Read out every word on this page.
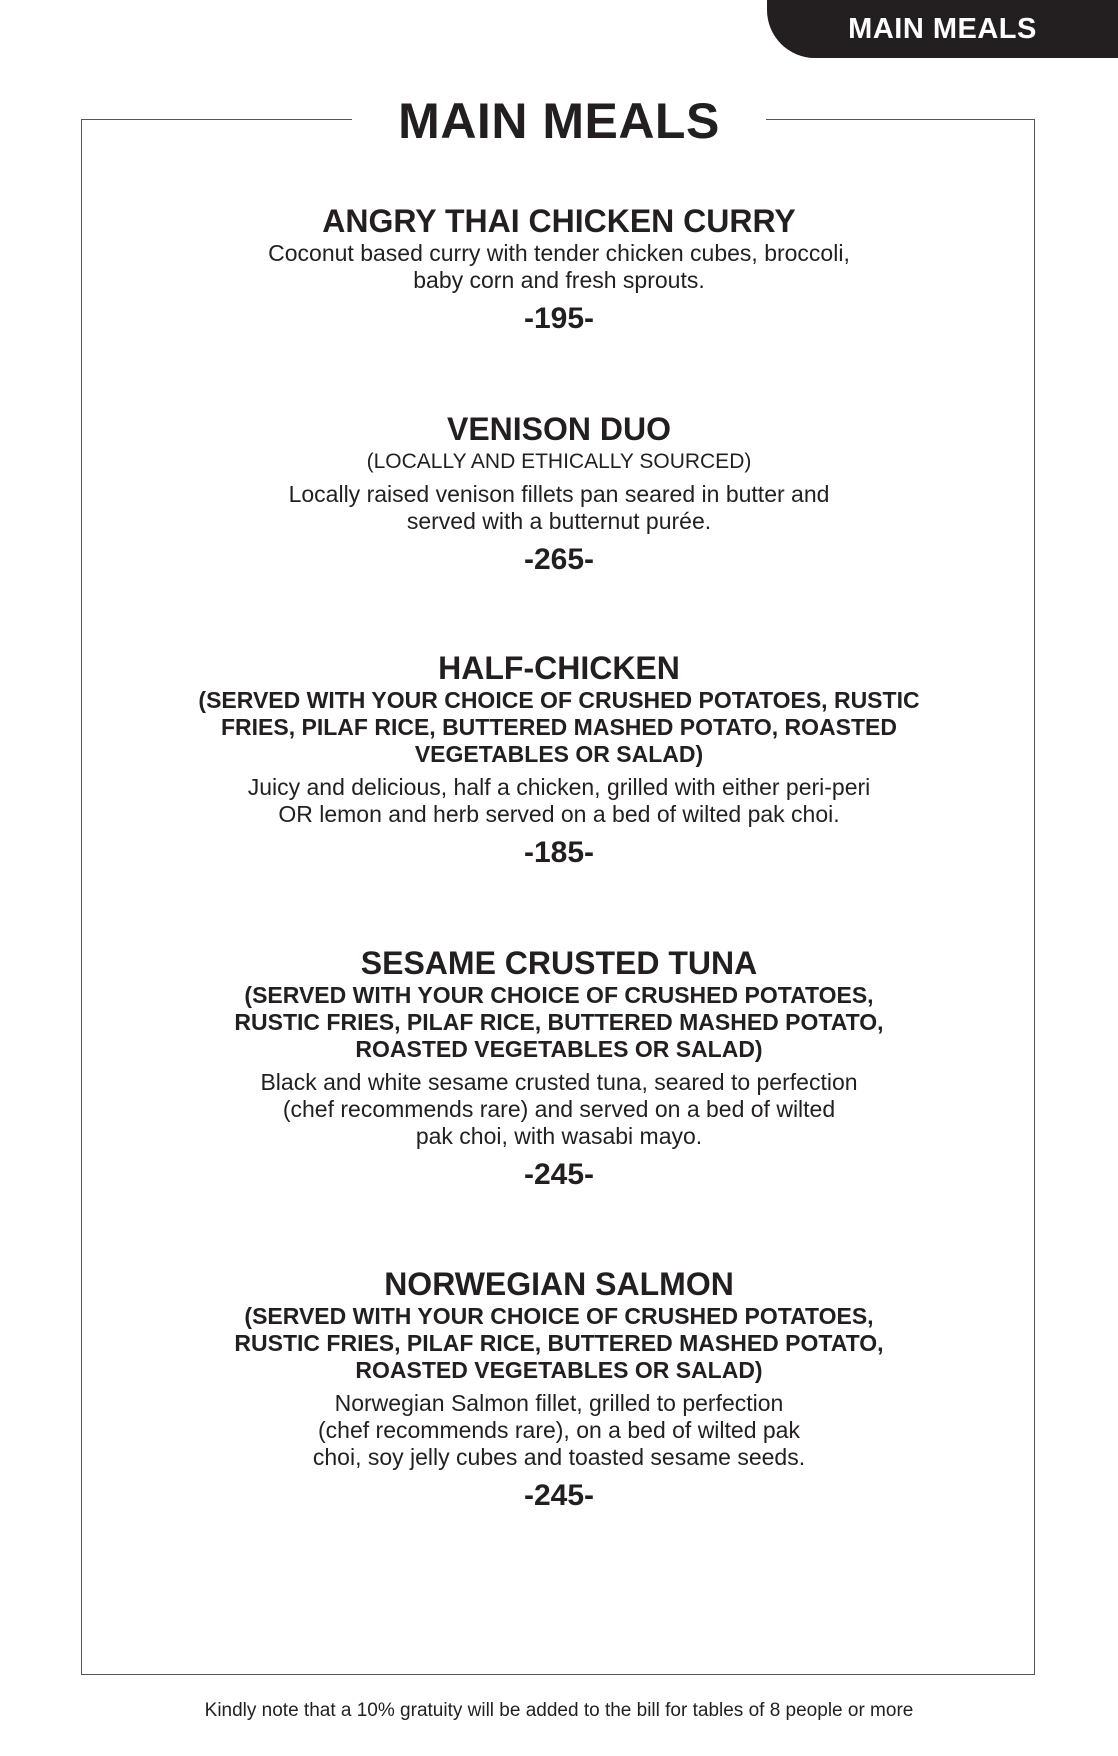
MAIN MEALS
MAIN MEALS

ANGRY THAI CHICKEN CURRY

Coconut based curry with tender chicken cubes, broccoli,

baby corn and fresh sprouts.

-195-

VENISON DUO

(LOCALLY AND ETHICALLY SOURCED)

Locally raised venison fillets pan seared in butter and

served with a butternut purée.

-265-

HALF-CHICKEN

(SERVED WITH YOUR CHOICE OF CRUSHED POTATOES, RUSTIC

FRIES, PILAF RICE, BUTTERED MASHED POTATO, ROASTED

VEGETABLES OR SALAD)

Juicy and delicious, half a chicken, grilled with either peri-peri

OR lemon and herb served on a bed of wilted pak choi.

-185-

SESAME CRUSTED TUNA

(SERVED WITH YOUR CHOICE OF CRUSHED POTATOES,

RUSTIC FRIES, PILAF RICE, BUTTERED MASHED POTATO,

ROASTED VEGETABLES OR SALAD)

Black and white sesame crusted tuna, seared to perfection

(chef recommends rare) and served on a bed of wilted

pak choi, with wasabi mayo.

-245-

NORWEGIAN SALMON

(SERVED WITH YOUR CHOICE OF CRUSHED POTATOES,

RUSTIC FRIES, PILAF RICE, BUTTERED MASHED POTATO,

ROASTED VEGETABLES OR SALAD)

Norwegian Salmon fillet, grilled to perfection

(chef recommends rare), on a bed of wilted pak

choi, soy jelly cubes and toasted sesame seeds.

-245-

Kindly note that a 10% gratuity will be added to the bill for tables of 8 people or more
